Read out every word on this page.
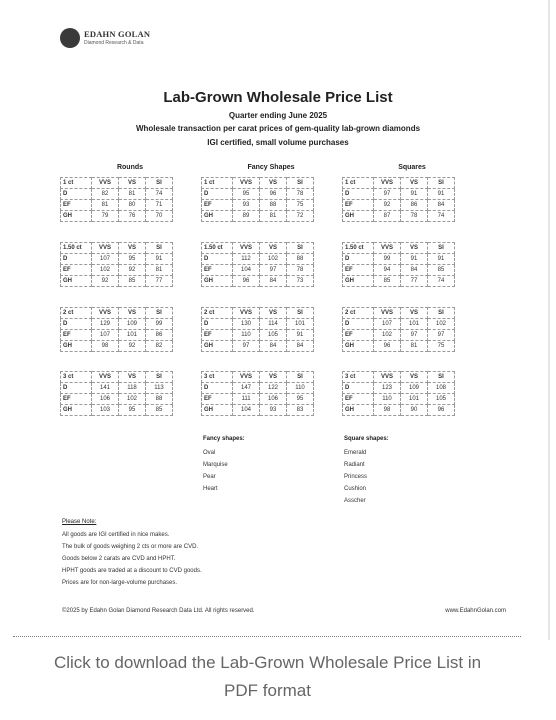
EDAHN GOLAN
Diamond Research & Data
Lab-Grown Wholesale Price List
Quarter ending June 2025
Wholesale transaction per carat prices of gem-quality lab-grown diamonds
IGI certified, small volume purchases
Rounds
1 ct	VVS	VS	SI
D	82	81	74
EF	81	80	71
GH	79	76	70
1.50 ct	VVS	VS	SI
D	107	95	91
EF	102	92	81
GH	92	85	77
2 ct	VVS	VS	SI
D	129	109	99
EF	107	101	86
GH	98	92	82
3 ct	VVS	VS	SI
D	141	118	113
EF	106	102	88
GH	103	95	85
Fancy Shapes
1 ct	VVS	VS	SI
D	95	96	78
EF	93	88	75
GH	89	81	72
1.50 ct	VVS	VS	SI
D	112	102	88
EF	104	97	78
GH	96	84	73
2 ct	VVS	VS	SI
D	130	114	101
EF	110	105	91
GH	97	84	84
3 ct	VVS	VS	SI
D	147	122	110
EF	111	106	95
GH	104	93	83
Squares
1 ct	VVS	VS	SI
D	97	91	91
EF	92	86	84
GH	87	78	74
1.50 ct	VVS	VS	SI
D	99	91	91
EF	94	84	85
GH	85	77	74
2 ct	VVS	VS	SI
D	107	101	102
EF	102	97	97
GH	96	81	75
3 ct	VVS	VS	SI
D	123	109	108
EF	110	101	105
GH	98	90	96
Fancy shapes:
Oval
Marquise
Pear
Heart
Square shapes:
Emerald
Radiant
Princess
Cushion
Asscher
Please Note:
All goods are IGI certified in nice makes.
The bulk of goods weighing 2 cts or more are CVD.
Goods below 2 carats are CVD and HPHT.
HPHT goods are traded at a discount to CVD goods.
Prices are for non-large-volume purchases.
©2025 by Edahn Golan Diamond Research Data Ltd. All rights reserved.	www.EdahnGolan.com
Click to download the Lab-Grown Wholesale Price List in
PDF format
